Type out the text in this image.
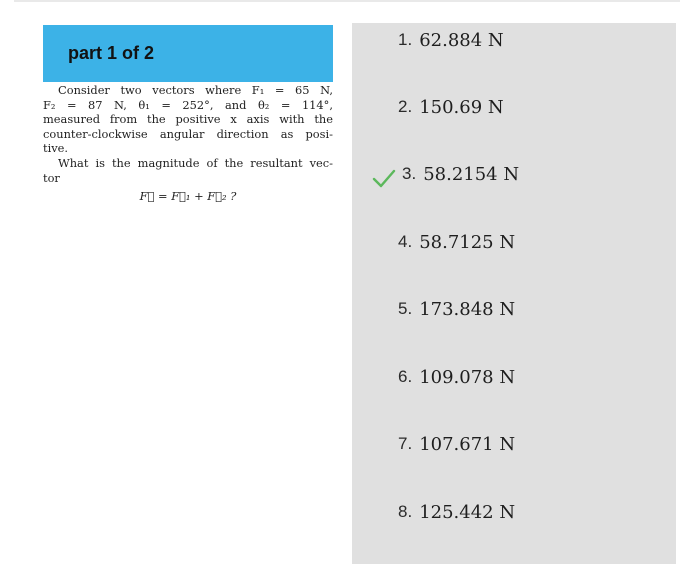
part 1 of 2
Consider two vectors where F₁ = 65 N,
F₂ = 87 N, θ₁ = 252°, and θ₂ = 114°,
measured from the positive x axis with the
counter-clockwise angular direction as posi-
tive.
What is the magnitude of the resultant vec-
tor
F⃗ = F⃗₁ + F⃗₂ ?
1. 62.884 N
2. 150.69 N
3. 58.2154 N
4. 58.7125 N
5. 173.848 N
6. 109.078 N
7. 107.671 N
8. 125.442 N
